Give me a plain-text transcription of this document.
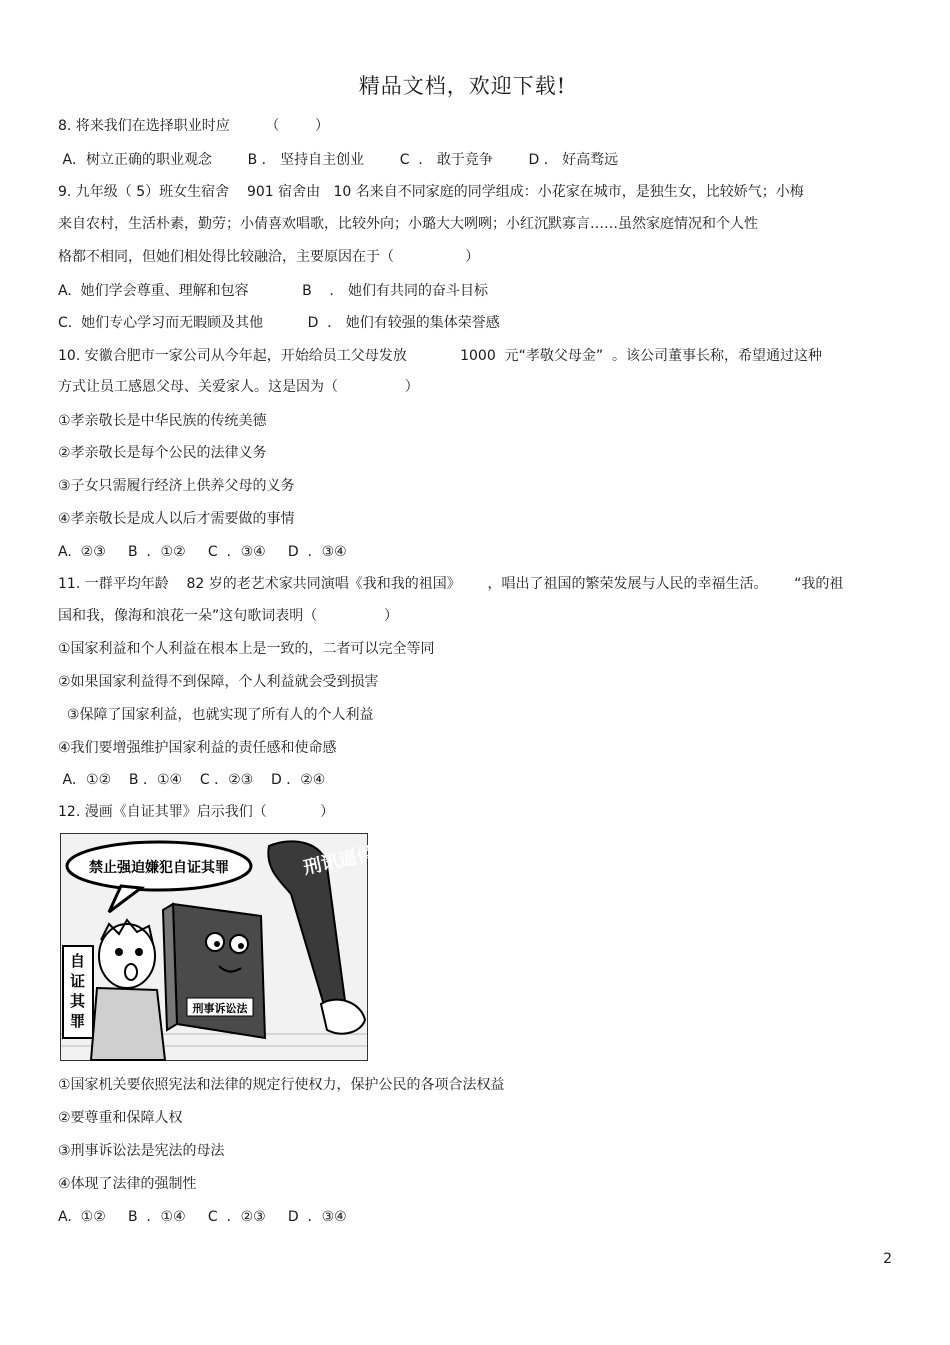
精品文档，欢迎下载!
8. 将来我们在选择职业时应        （        ）
A．树立正确的职业观念        B ． 坚持自主创业        C  ． 敢于竞争        D ． 好高骛远
9. 九年级（ 5）班女生宿舍    901 宿舍由   10 名来自不同家庭的同学组成：小花家在城市，是独生女，比较娇气；小梅
来自农村，生活朴素，勤劳；小倩喜欢唱歌，比较外向；小璐大大咧咧；小红沉默寡言……虽然家庭情况和个人性
格都不相同，但她们相处得比较融洽，主要原因在于（                ）
A.  她们学会尊重、理解和包容            B    ． 她们有共同的奋斗目标
C.  她们专心学习而无暇顾及其他          D  ． 她们有较强的集体荣誉感
10. 安徽合肥市一家公司从今年起，开始给员工父母发放            1000  元“孝敬父母金”  。该公司董事长称，希望通过这种
方式让员工感恩父母、关爱家人。这是因为（               ）
①孝亲敬长是中华民族的传统美德
②孝亲敬长是每个公民的法律义务
③子女只需履行经济上供养父母的义务
④孝亲敬长是成人以后才需要做的事情
A.  ②③     B  ．①②     C  ．③④     D  ．③④
11. 一群平均年龄    82 岁的老艺术家共同演唱《我和我的祖国》      ，唱出了祖国的繁荣发展与人民的幸福生活。      “我的祖
国和我，像海和浪花一朵”这句歌词表明（               ）
①国家利益和个人利益在根本上是一致的，二者可以完全等同
②如果国家利益得不到保障，个人利益就会受到损害
③保障了国家利益，也就实现了所有人的个人利益
④我们要增强维护国家利益的责任感和使命感
A．①②    B ．①④    C ．②③    D ．②④
12. 漫画《自证其罪》启示我们（            ）
禁止强迫嫌犯自证其罪	刑讯逼供
刑事诉讼法
自 证 其 罪
①国家机关要依照宪法和法律的规定行使权力，保护公民的各项合法权益
②要尊重和保障人权
③刑事诉讼法是宪法的母法
④体现了法律的强制性
A.  ①②     B  ．①④     C  ．②③     D  ．③④
2
